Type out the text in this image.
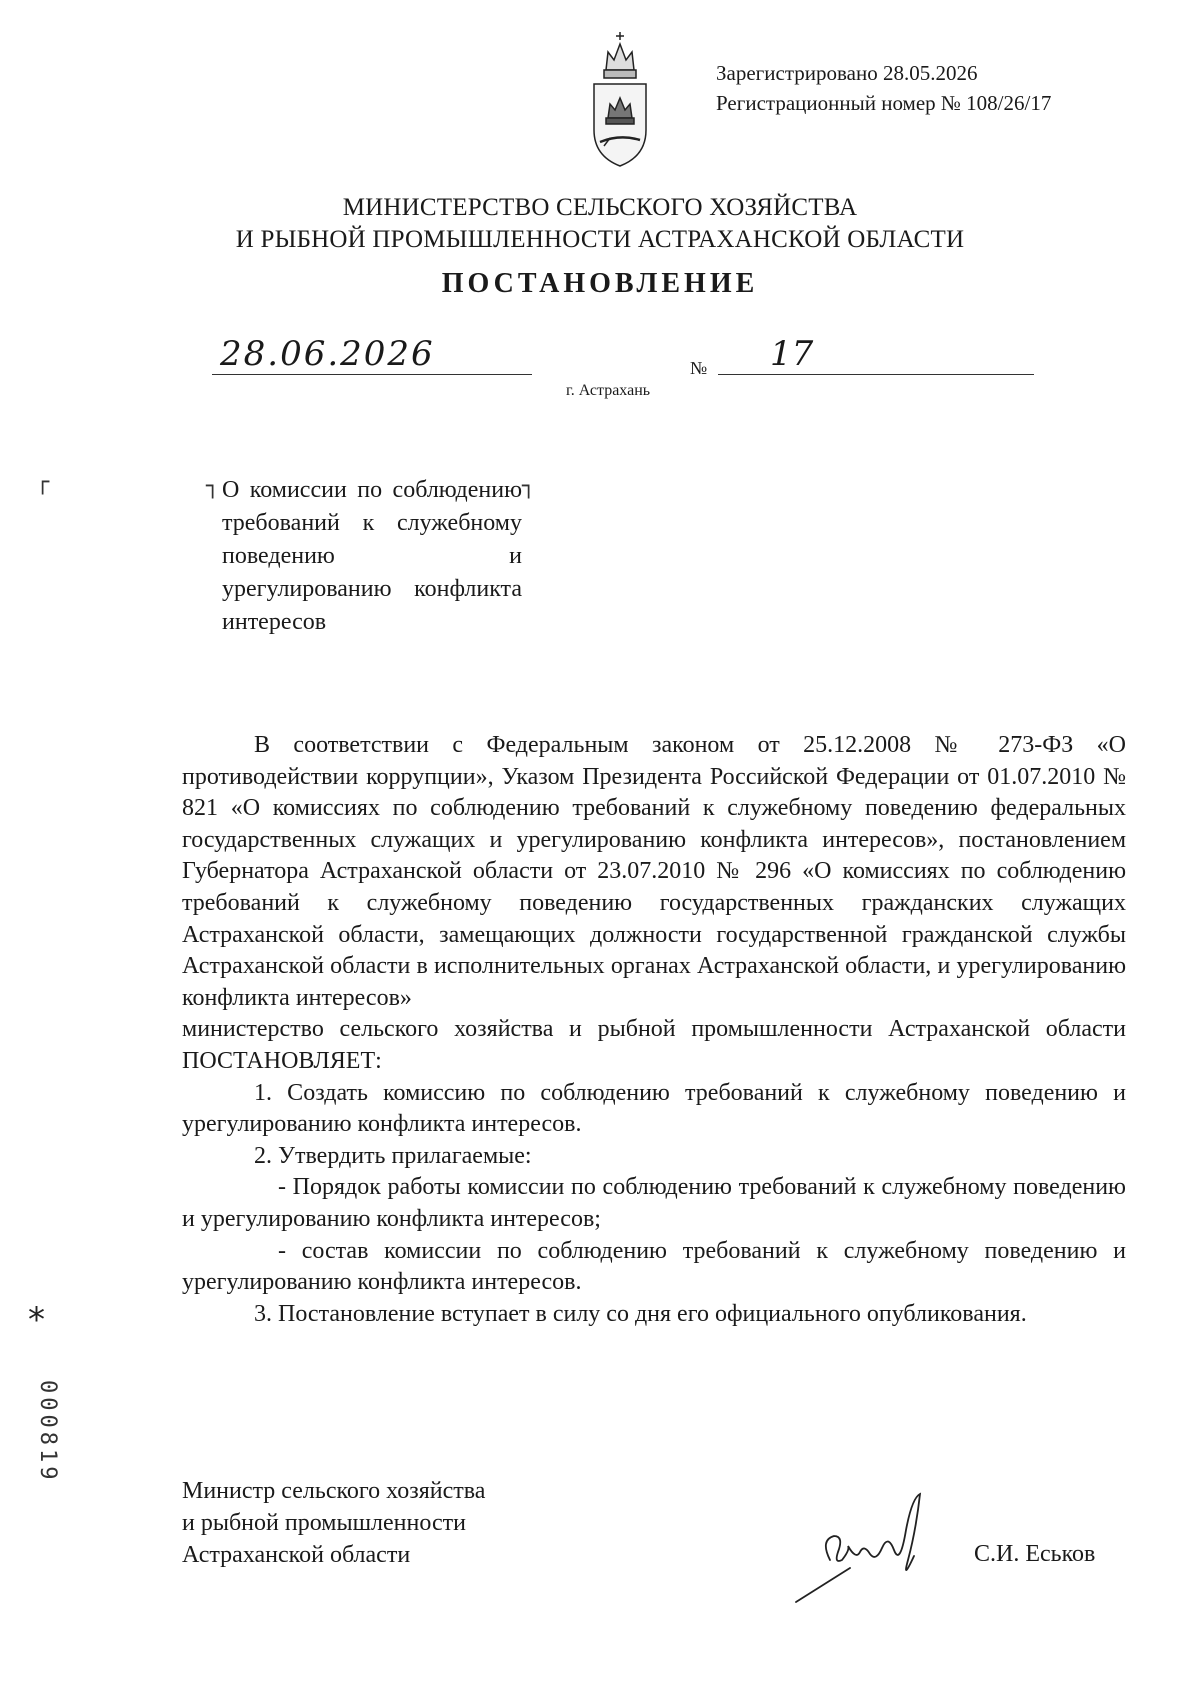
Зарегистрировано 28.05.2026
Регистрационный номер № 108/26/17
МИНИСТЕРСТВО СЕЛЬСКОГО ХОЗЯЙСТВА
И РЫБНОЙ ПРОМЫШЛЕННОСТИ АСТРАХАНСКОЙ ОБЛАСТИ
ПОСТАНОВЛЕНИЕ
28.06.2026	№ 17
г. Астрахань
┌	┐ О комиссии по соблюдению требований к служебному поведению и урегулированию конфликта интересов
┐

В соответствии с Федеральным законом от 25.12.2008 № 273-ФЗ «О противодействии коррупции», Указом Президента Российской Федерации от 01.07.2010 № 821 «О комиссиях по соблюдению требований к служебному поведению федеральных государственных служащих и урегулированию конфликта интересов», постановлением Губернатора Астраханской области от 23.07.2010 № 296 «О комиссиях по соблюдению требований к служебному поведению государственных гражданских служащих Астраханской области, замещающих должности государственной гражданской службы Астраханской области в исполнительных органах Астраханской области, и урегулированию конфликта интересов»

министерство сельского хозяйства и рыбной промышленности Астраханской области ПОСТАНОВЛЯЕТ:

1. Создать комиссию по соблюдению требований к служебному поведению и урегулированию конфликта интересов.

2. Утвердить прилагаемые:

- Порядок работы комиссии по соблюдению требований к служебному поведению и урегулированию конфликта интересов;

- состав комиссии по соблюдению требований к служебному поведению и урегулированию конфликта интересов.

3. Постановление вступает в силу со дня его официального опубликования.

*
000819
Министр сельского хозяйства
и рыбной промышленности
Астраханской области	С.И. Еськов
